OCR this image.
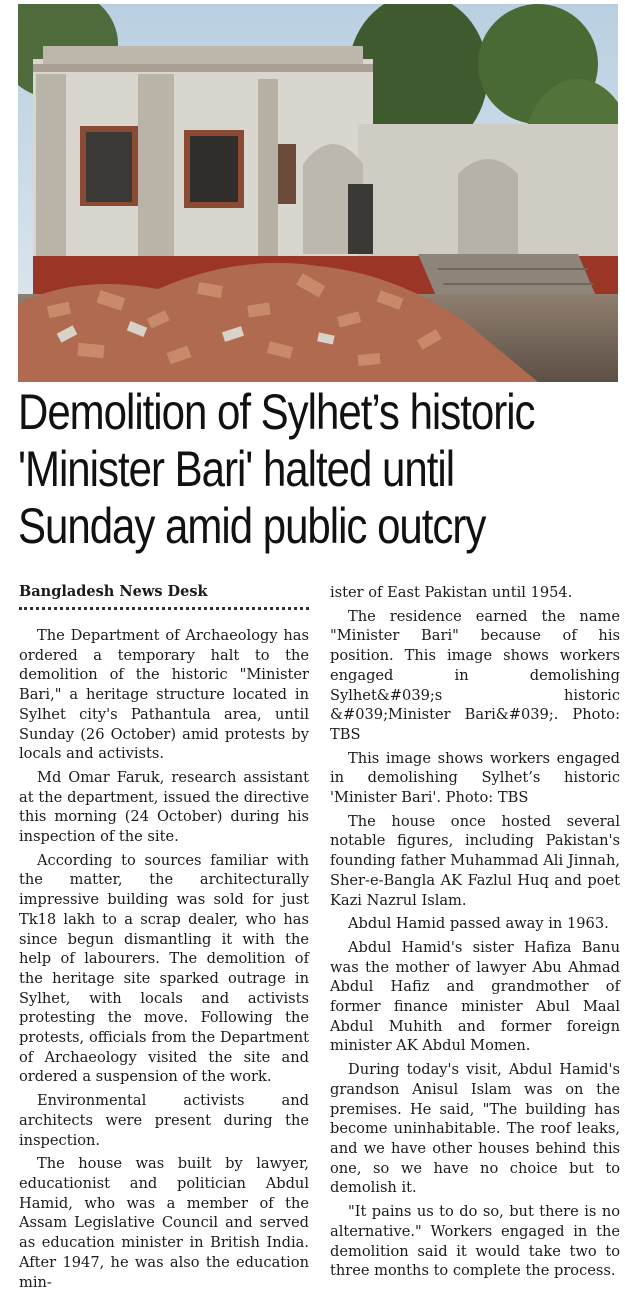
Demolition of Sylhet’s historic
'Minister Bari' halted until
Sunday amid public outcry
Bangladesh News Desk

The Department of Archaeology has ordered a temporary halt to the demolition of the historic "Minister Bari," a heritage structure located in Sylhet city's Pathantula area, until Sunday (26 October) amid protests by locals and activists.

Md Omar Faruk, research assistant at the department, issued the directive this morning (24 October) during his inspection of the site.

According to sources familiar with the matter, the architecturally impressive building was sold for just Tk18 lakh to a scrap dealer, who has since begun dismantling it with the help of labourers. The demolition of the heritage site sparked outrage in Sylhet, with locals and activists protesting the move. Following the protests, officials from the Department of Archaeology visited the site and ordered a suspension of the work.

Environmental activists and architects were present during the inspection.

The house was built by lawyer, educationist and politician Abdul Hamid, who was a member of the Assam Legislative Council and served as education minister in British India. After 1947, he was also the education min-

ister of East Pakistan until 1954.

The residence earned the name "Minister Bari" because of his position. This image shows workers engaged in demolishing Sylhet&#039;s historic &#039;Minister Bari&#039;. Photo: TBS

This image shows workers engaged in demolishing Sylhet’s historic 'Minister Bari'. Photo: TBS

The house once hosted several notable figures, including Pakistan's founding father Muhammad Ali Jinnah, Sher-e-Bangla AK Fazlul Huq and poet Kazi Nazrul Islam.

Abdul Hamid passed away in 1963.

Abdul Hamid's sister Hafiza Banu was the mother of lawyer Abu Ahmad Abdul Hafiz and grandmother of former finance minister Abul Maal Abdul Muhith and former foreign minister AK Abdul Momen.

During today's visit, Abdul Hamid's grandson Anisul Islam was on the premises. He said, "The building has become uninhabitable. The roof leaks, and we have other houses behind this one, so we have no choice but to demolish it.

"It pains us to do so, but there is no alternative." Workers engaged in the demolition said it would take two to three months to complete the process.
